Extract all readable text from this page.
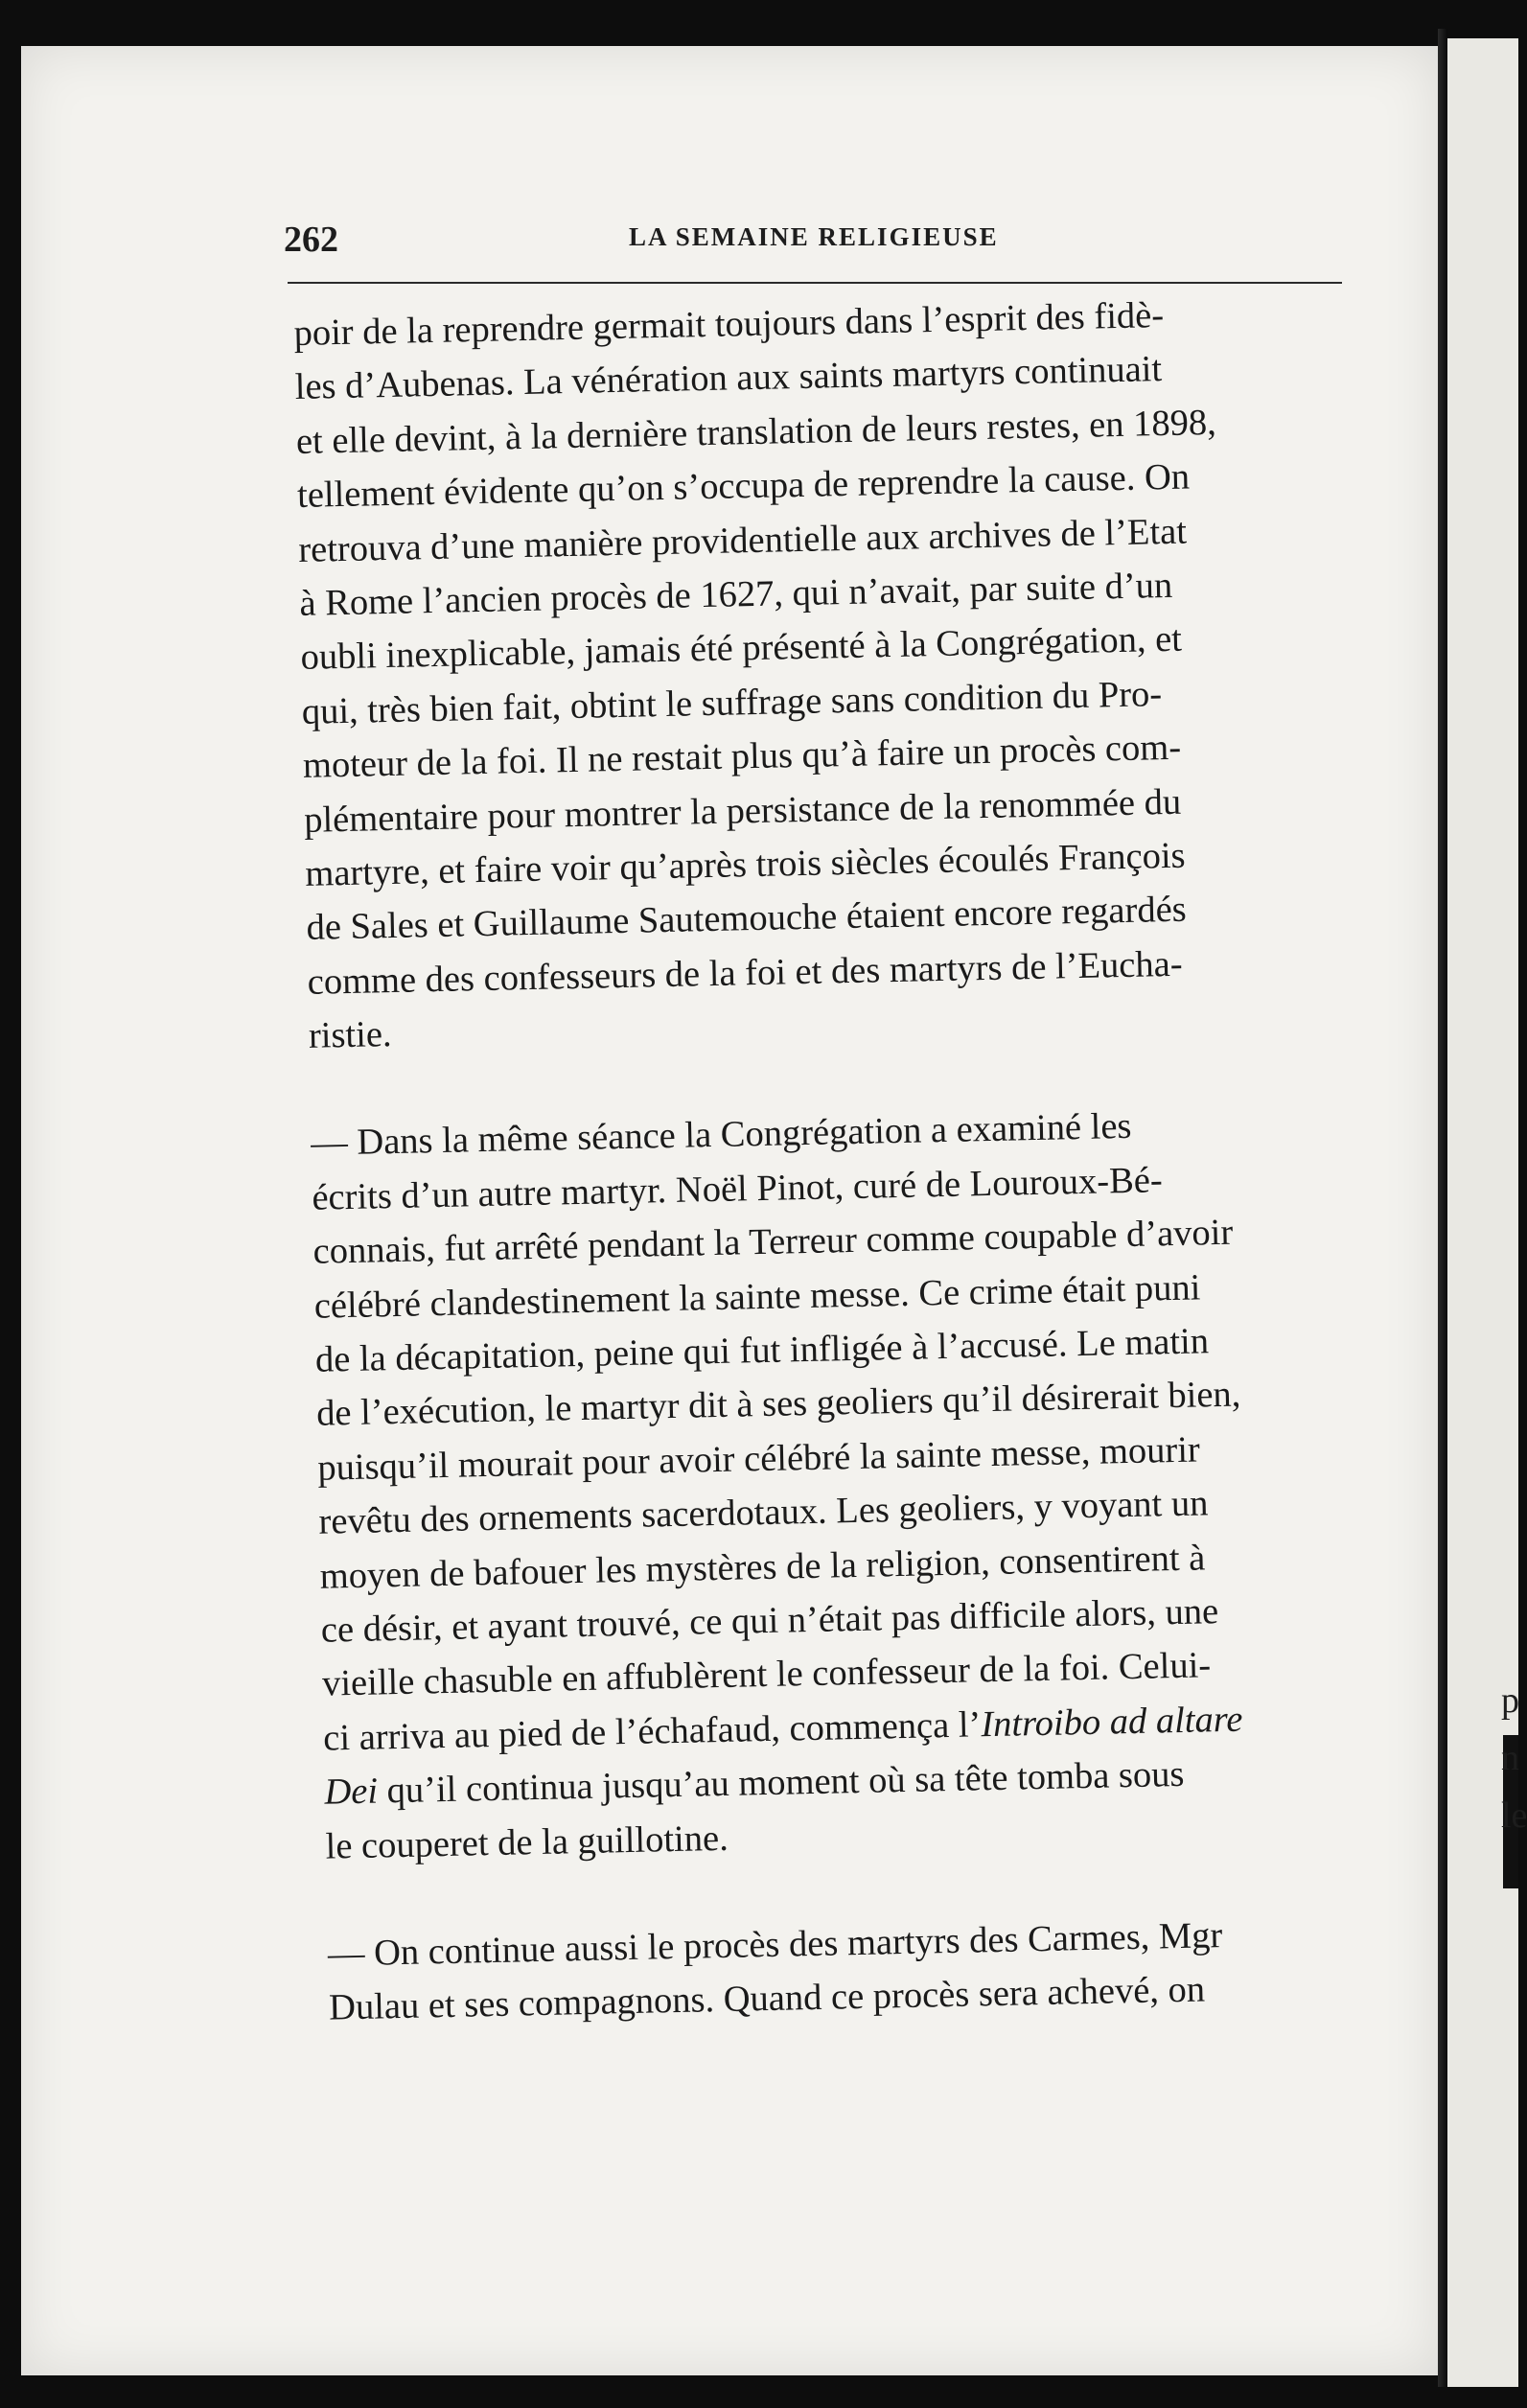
p
n
le
262	LA SEMAINE RELIGIEUSE
poir de la reprendre germait toujours dans l’esprit des fidè-
les d’Aubenas. La vénération aux saints martyrs continuait
et elle devint, à la dernière translation de leurs restes, en 1898,
tellement évidente qu’on s’occupa de reprendre la cause. On
retrouva d’une manière providentielle aux archives de l’Etat
à Rome l’ancien procès de 1627, qui n’avait, par suite d’un
oubli inexplicable, jamais été présenté à la Congrégation, et
qui, très bien fait, obtint le suffrage sans condition du Pro-
moteur de la foi. Il ne restait plus qu’à faire un procès com-
plémentaire pour montrer la persistance de la renommée du
martyre, et faire voir qu’après trois siècles écoulés François
de Sales et Guillaume Sautemouche étaient encore regardés
comme des confesseurs de la foi et des martyrs de l’Eucha-
ristie.
— Dans la même séance la Congrégation a examiné les
écrits d’un autre martyr. Noël Pinot, curé de Louroux-Bé-
connais, fut arrêté pendant la Terreur comme coupable d’avoir
célébré clandestinement la sainte messe. Ce crime était puni
de la décapitation, peine qui fut infligée à l’accusé. Le matin
de l’exécution, le martyr dit à ses geoliers qu’il désirerait bien,
puisqu’il mourait pour avoir célébré la sainte messe, mourir
revêtu des ornements sacerdotaux. Les geoliers, y voyant un
moyen de bafouer les mystères de la religion, consentirent à
ce désir, et ayant trouvé, ce qui n’était pas difficile alors, une
vieille chasuble en affublèrent le confesseur de la foi. Celui-
ci arriva au pied de l’échafaud, commença l’Introibo ad altare
Dei qu’il continua jusqu’au moment où sa tête tomba sous
le couperet de la guillotine.
— On continue aussi le procès des martyrs des Carmes, Mgr
Dulau et ses compagnons. Quand ce procès sera achevé, on
